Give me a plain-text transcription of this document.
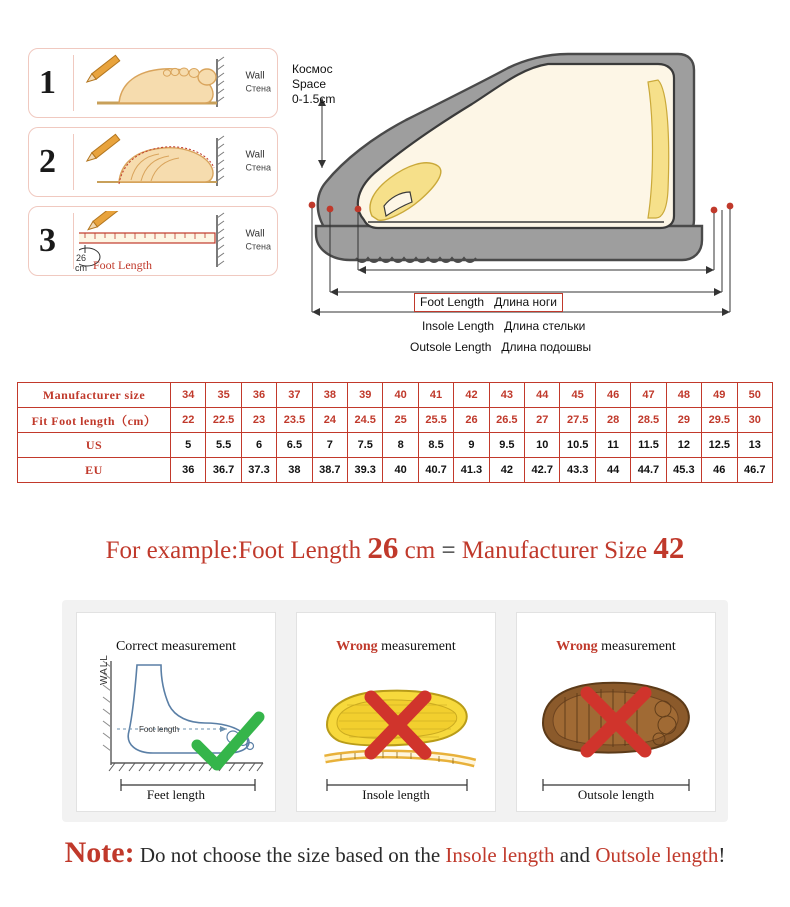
1	Wall
Стена
2	Wall
Стена
3 26
cm Foot Length
Wall
Стена
Космос
Space
0-1.5cm
Foot Length Длина ноги
Insole Length Длина стельки
Outsole Length Длина подошвы
Manufacturer size	34	35	36	37	38	39	40	41	42	43	44	45	46	47	48	49	50
Fit Foot length（cm）	22	22.5	23	23.5	24	24.5	25	25.5	26	26.5	27	27.5	28	28.5	29	29.5	30
US	5	5.5	6	6.5	7	7.5	8	8.5	9	9.5	10	10.5	11	11.5	12	12.5	13
EU	36	36.7	37.3	38	38.7	39.3	40	40.7	41.3	42	42.7	43.3	44	44.7	45.3	46	46.7
For example:Foot Length 26 cm = Manufacturer Size 42
Correct measurement
WALL
Foot length
Feet length
Wrong measurement
Insole length
Wrong measurement
Outsole length
Note: Do not choose the size based on the Insole length and Outsole length!
